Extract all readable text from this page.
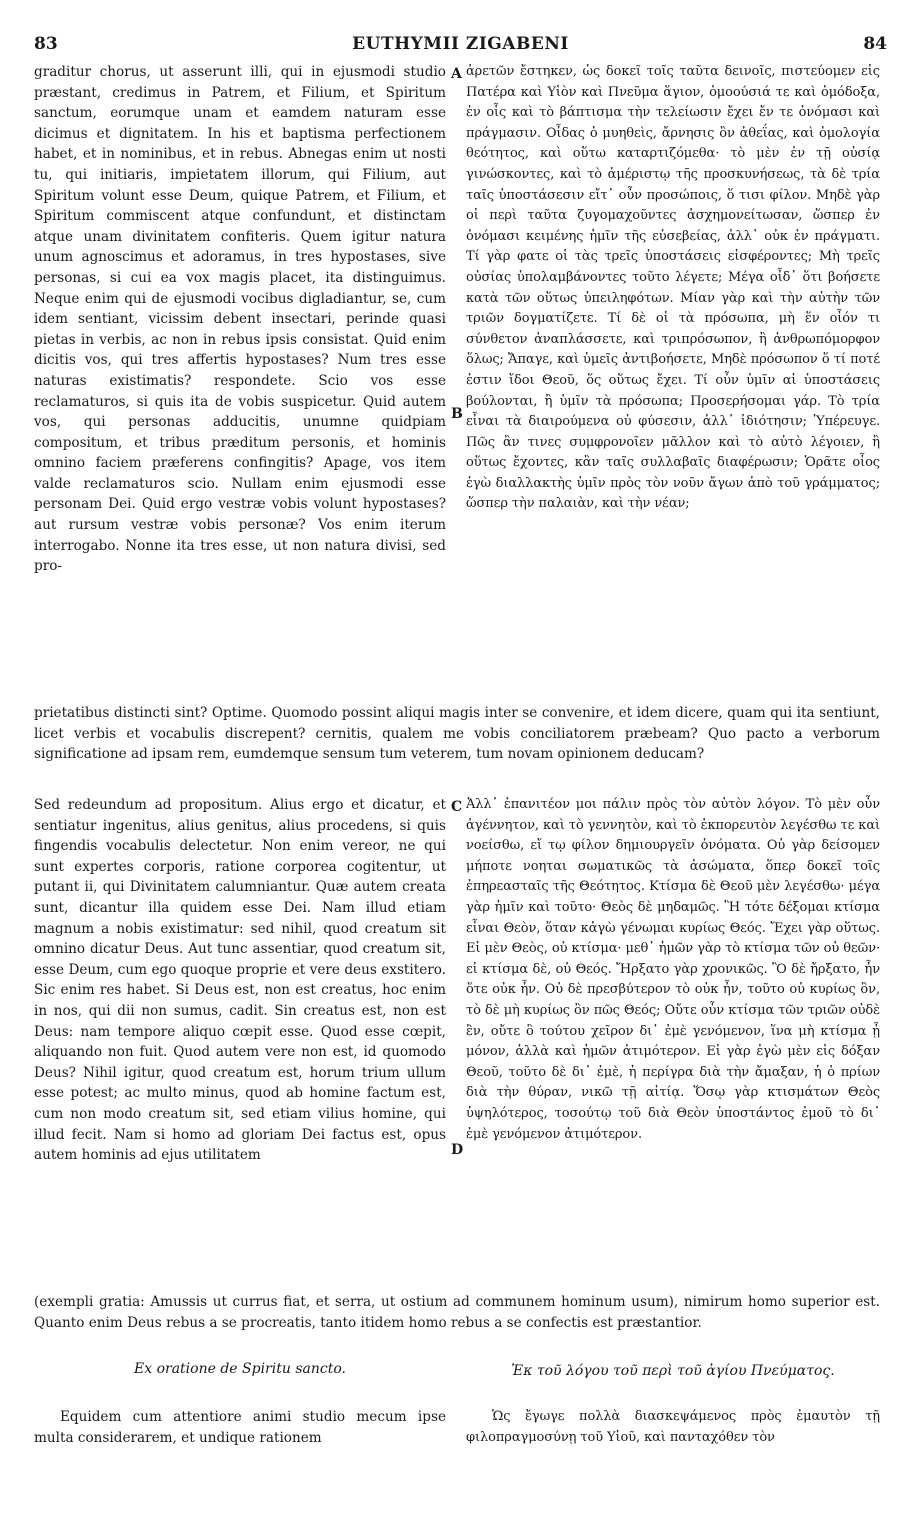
83	EUTHYMII ZIGABENI	84

graditur chorus, ut asserunt illi, qui in ejusmodi studio præstant, credimus in Patrem, et Filium, et Spiritum sanctum, eorumque unam et eamdem naturam esse dicimus et dignitatem. In his et baptisma perfectionem habet, et in nominibus, et in rebus. Abnegas enim ut nosti tu, qui initiaris, impietatem illorum, qui Filium, aut Spiritum volunt esse Deum, quique Patrem, et Filium, et Spiritum commiscent atque confundunt, et distinctam atque unam divinitatem confiteris. Quem igitur natura unum agnoscimus et adoramus, in tres hypostases, sive personas, si cui ea vox magis placet, ita distinguimus. Neque enim qui de ejusmodi vocibus digladiantur, se, cum idem sentiant, vicissim debent insectari, perinde quasi pietas in verbis, ac non in rebus ipsis consistat. Quid enim dicitis vos, qui tres affertis hypostases? Num tres esse naturas existimatis? respondete. Scio vos esse reclamaturos, si quis ita de vobis suspicetur. Quid autem vos, qui personas adducitis, unumne quidpiam compositum, et tribus præditum personis, et hominis omnino faciem præferens confingitis? Apage, vos item valde reclamaturos scio. Nullam enim ejusmodi esse personam Dei. Quid ergo vestræ vobis volunt hypostases? aut rursum vestræ vobis personæ? Vos enim iterum interrogabo. Nonne ita tres esse, ut non natura divisi, sed pro-

ἀρετῶν ἔστηκεν, ὡς δοκεῖ τοῖς ταῦτα δεινοῖς, πιστεύομεν εἰς Πατέρα καὶ Υἱὸν καὶ Πνεῦμα ἅγιον, ὁμοούσιά τε καὶ ὁμόδοξα, ἐν οἷς καὶ τὸ βάπτισμα τὴν τελείωσιν ἔχει ἔν τε ὀνόμασι καὶ πράγμασιν. Οἶδας ὁ μυηθεὶς, ἄρνησις ὂν ἀθεΐας, καὶ ὁμολογία θεότητος, καὶ οὕτω καταρτιζόμεθα· τὸ μὲν ἐν τῇ οὐσίᾳ γινώσκοντες, καὶ τὸ ἀμέριστῳ τῆς προσκυνήσεως, τὰ δὲ τρία ταῖς ὑποστάσεσιν εἴτ᾽ οὖν προσώποις, ὅ τισι φίλον. Μηδὲ γὰρ οἱ περὶ ταῦτα ζυγομαχοῦντες ἀσχημονείτωσαν, ὥσπερ ἐν ὀνόμασι κειμένης ἡμῖν τῆς εὐσεβείας, ἀλλ᾽ οὐκ ἐν πράγματι. Τί γὰρ φατε οἱ τὰς τρεῖς ὑποστάσεις εἰσφέροντες; Μὴ τρεῖς οὐσίας ὑπολαμβάνοντες τοῦτο λέγετε; Μέγα οἶδ᾽ ὅτι βοήσετε κατὰ τῶν οὕτως ὑπειληφότων. Μίαν γὰρ καὶ τὴν αὐτὴν τῶν τριῶν δογματίζετε. Τί δὲ οἱ τὰ πρόσωπα, μὴ ἕν οἶόν τι σύνθετον ἀναπλάσσετε, καὶ τριπρόσωπον, ἢ ἀνθρωπόμορφον ὅλως; Ἄπαγε, καὶ ὑμεῖς ἀντιβοήσετε, Μηδὲ πρόσωπον ὅ τί ποτέ ἐστιν ἴδοι Θεοῦ, ὅς οὕτως ἔχει. Τί οὖν ὑμῖν αἱ ὑποστάσεις βούλονται, ἢ ὑμῖν τὰ πρόσωπα; Προσερήσομαι γάρ. Τὸ τρία εἶναι τὰ διαιρούμενα οὐ φύσεσιν, ἀλλ᾽ ἰδιότησιν; Ὑπέρευγε. Πῶς ἂν τινες συμφρονοῖεν μᾶλλον καὶ τὸ αὐτὸ λέγοιεν, ἢ οὕτως ἔχοντες, κἂν ταῖς συλλαβαῖς διαφέρωσιν; Ὁρᾶτε οἷος ἐγὼ διαλλακτὴς ὑμῖν πρὸς τὸν νοῦν ἄγων ἀπὸ τοῦ γράμματος; ὥσπερ τὴν παλαιὰν, καὶ τὴν νέαν;

A
B

prietatibus distincti sint? Optime. Quomodo possint aliqui magis inter se convenire, et idem dicere, quam qui ita sentiunt, licet verbis et vocabulis discrepent? cernitis, qualem me vobis conciliatorem præbeam? Quo pacto a verborum significatione ad ipsam rem, eumdemque sensum tum veterem, tum novam opinionem deducam?

Sed redeundum ad propositum. Alius ergo et dicatur, et sentiatur ingenitus, alius genitus, alius procedens, si quis fingendis vocabulis delectetur. Non enim vereor, ne qui sunt expertes corporis, ratione corporea cogitentur, ut putant ii, qui Divinitatem calumniantur. Quæ autem creata sunt, dicantur illa quidem esse Dei. Nam illud etiam magnum a nobis existimatur: sed nihil, quod creatum sit omnino dicatur Deus. Aut tunc assentiar, quod creatum sit, esse Deum, cum ego quoque proprie et vere deus exstitero. Sic enim res habet. Si Deus est, non est creatus, hoc enim in nos, qui dii non sumus, cadit. Sin creatus est, non est Deus: nam tempore aliquo cœpit esse. Quod esse cœpit, aliquando non fuit. Quod autem vere non est, id quomodo Deus? Nihil igitur, quod creatum est, horum trium ullum esse potest; ac multo minus, quod ab homine factum est, cum non modo creatum sit, sed etiam vilius homine, qui illud fecit. Nam si homo ad gloriam Dei factus est, opus autem hominis ad ejus utilitatem

Ἀλλ᾽ ἐπανιτέον μοι πάλιν πρὸς τὸν αὐτὸν λόγον. Τὸ μὲν οὖν ἀγέννητον, καὶ τὸ γεννητὸν, καὶ τὸ ἐκπορευτὸν λεγέσθω τε καὶ νοείσθω, εἴ τῳ φίλον δημιουργεῖν ὀνόματα. Οὐ γὰρ δείσομεν μήποτε νοηται σωματικῶς τὰ ἀσώματα, ὅπερ δοκεῖ τοῖς ἐπηρεασταῖς τῆς Θεότητος. Κτίσμα δὲ Θεοῦ μὲν λεγέσθω· μέγα γὰρ ἡμῖν καὶ τοῦτο· Θεὸς δὲ μηδαμῶς. Ἢ τότε δέξομαι κτίσμα εἶναι Θεὸν, ὅταν κἀγὼ γένωμαι κυρίως Θεός. Ἔχει γὰρ οὕτως. Εἰ μὲν Θεὸς, οὐ κτίσμα· μεθ᾽ ἡμῶν γὰρ τὸ κτίσμα τῶν οὐ θεῶν· εἰ κτίσμα δὲ, οὐ Θεός. Ἤρξατο γὰρ χρονικῶς. Ὃ δὲ ἤρξατο, ἦν ὅτε οὐκ ἦν. Οὐ δὲ πρεσβύτερον τὸ οὐκ ἦν, τοῦτο οὐ κυρίως ὂν, τὸ δὲ μὴ κυρίως ὂν πῶς Θεός; Οὔτε οὖν κτίσμα τῶν τριῶν οὐδὲ ἓν, οὔτε ὃ τούτου χεῖρον δι᾽ ἐμὲ γενόμενον, ἵνα μὴ κτίσμα ᾖ μόνον, ἀλλὰ καὶ ἡμῶν ἀτιμότερον. Εἰ γὰρ ἐγὼ μὲν εἰς δόξαν Θεοῦ, τοῦτο δὲ δι᾽ ἐμὲ, ἡ περίγρα διὰ τὴν ἄμαξαν, ἡ ὁ πρίων διὰ τὴν θύραν, νικῶ τῇ αἰτίᾳ. Ὅσῳ γὰρ κτισμάτων Θεὸς ὑψηλότερος, τοσούτῳ τοῦ διὰ Θεὸν ὑποστάντος ἐμοῦ τὸ δι᾽ ἐμὲ γενόμενον ἀτιμότερον.

C
D

(exempli gratia: Amussis ut currus fiat, et serra, ut ostium ad communem hominum usum), nimirum homo superior est. Quanto enim Deus rebus a se procreatis, tanto itidem homo rebus a se confectis est præstantior.

Ex oratione de Spiritu sancto.	Ἐκ τοῦ λόγου τοῦ περὶ τοῦ ἁγίου Πνεύματος.

Equidem cum attentiore animi studio mecum ipse multa considerarem, et undique rationem

Ὡς ἔγωγε πολλὰ διασκεψάμενος πρὸς ἐμαυτὸν τῇ φιλοπραγμοσύνῃ τοῦ Υἱοῦ, καὶ πανταχόθεν τὸν
